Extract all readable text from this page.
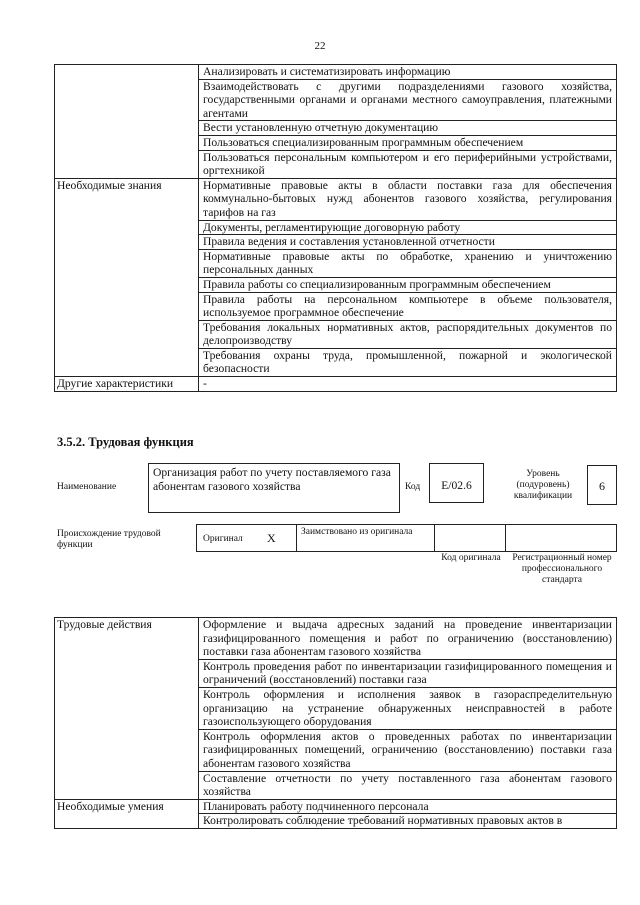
22
	Анализировать и систематизировать информацию
	Взаимодействовать с другими подразделениями газового хозяйства, государственными органами и органами местного самоуправления, платежными агентами
	Вести установленную отчетную документацию
	Пользоваться специализированным программным обеспечением
	Пользоваться персональным компьютером и его периферийными устройствами, оргтехникой
Необходимые знания	Нормативные правовые акты в области поставки газа для обеспечения коммунально-бытовых нужд абонентов газового хозяйства, регулирования тарифов на газ
	Документы, регламентирующие договорную работу
	Правила ведения и составления установленной отчетности
	Нормативные правовые акты по обработке, хранению и уничтожению персональных данных
	Правила работы со специализированным программным обеспечением
	Правила работы на персональном компьютере в объеме пользователя, используемое программное обеспечение
	Требования локальных нормативных актов, распорядительных документов по делопроизводству
	Требования охраны труда, промышленной, пожарной и экологической безопасности
Другие характеристики	-
3.5.2. Трудовая функция
Наименование
Организация работ по учету поставляемого газа абонентам газового хозяйства	Код	E/02.6
Уровень (подуровень) квалификации
6
Происхождение трудовой функции
Оригинал X	Заимствовано из оригинала
Код оригинала	Регистрационный номер профессионального стандарта
Трудовые действия	Оформление и выдача адресных заданий на проведение инвентаризации газифицированного помещения и работ по ограничению (восстановлению) поставки газа абонентам газового хозяйства
	Контроль проведения работ по инвентаризации газифицированного помещения и ограничений (восстановлений) поставки газа
	Контроль оформления и исполнения заявок в газораспределительную организацию на устранение обнаруженных неисправностей в работе газоиспользующего оборудования
	Контроль оформления актов о проведенных работах по инвентаризации газифицированных помещений, ограничению (восстановлению) поставки газа абонентам газового хозяйства
	Составление отчетности по учету поставленного газа абонентам газового хозяйства
Необходимые умения	Планировать работу подчиненного персонала
	Контролировать соблюдение требований нормативных правовых актов в
